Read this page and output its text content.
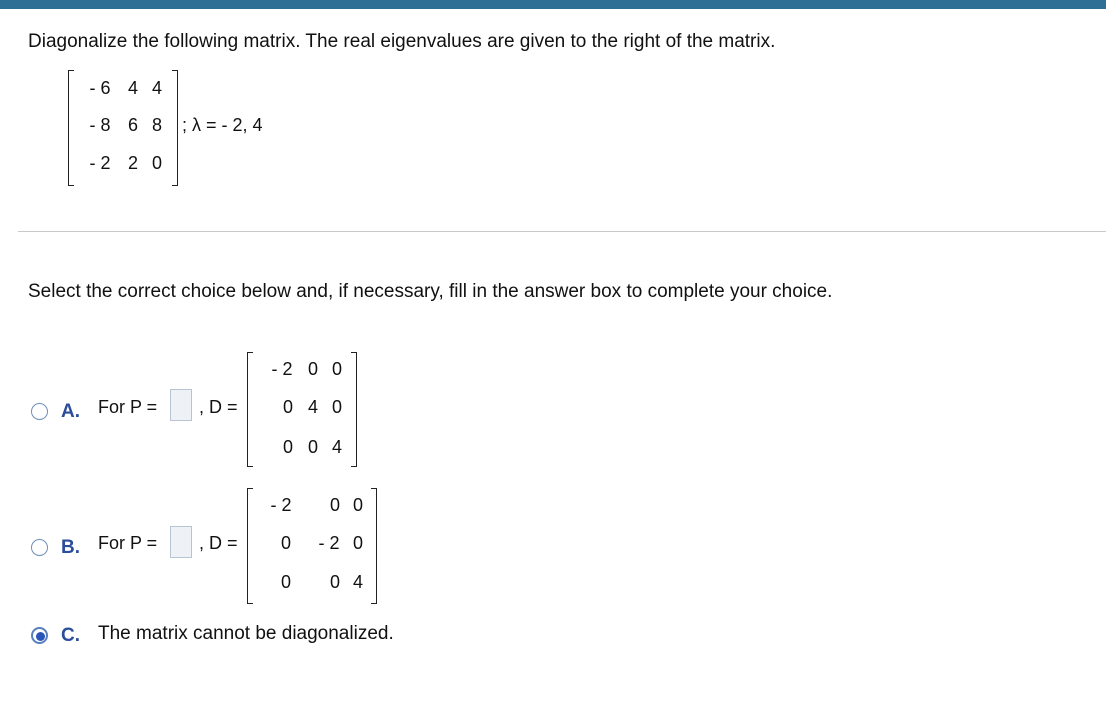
Diagonalize the following matrix. The real eigenvalues are given to the right of the matrix.
- 6 4 4
- 8 6 8
- 2 2 0
; λ = - 2, 4
Select the correct choice below and, if necessary, fill in the answer box to complete your choice.
A. For P = , D =
- 2 0 0
0 4 0
0 0 4
B. For P = , D =
- 2 0 0
0 - 2 0
0 0 4
C. The matrix cannot be diagonalized.
